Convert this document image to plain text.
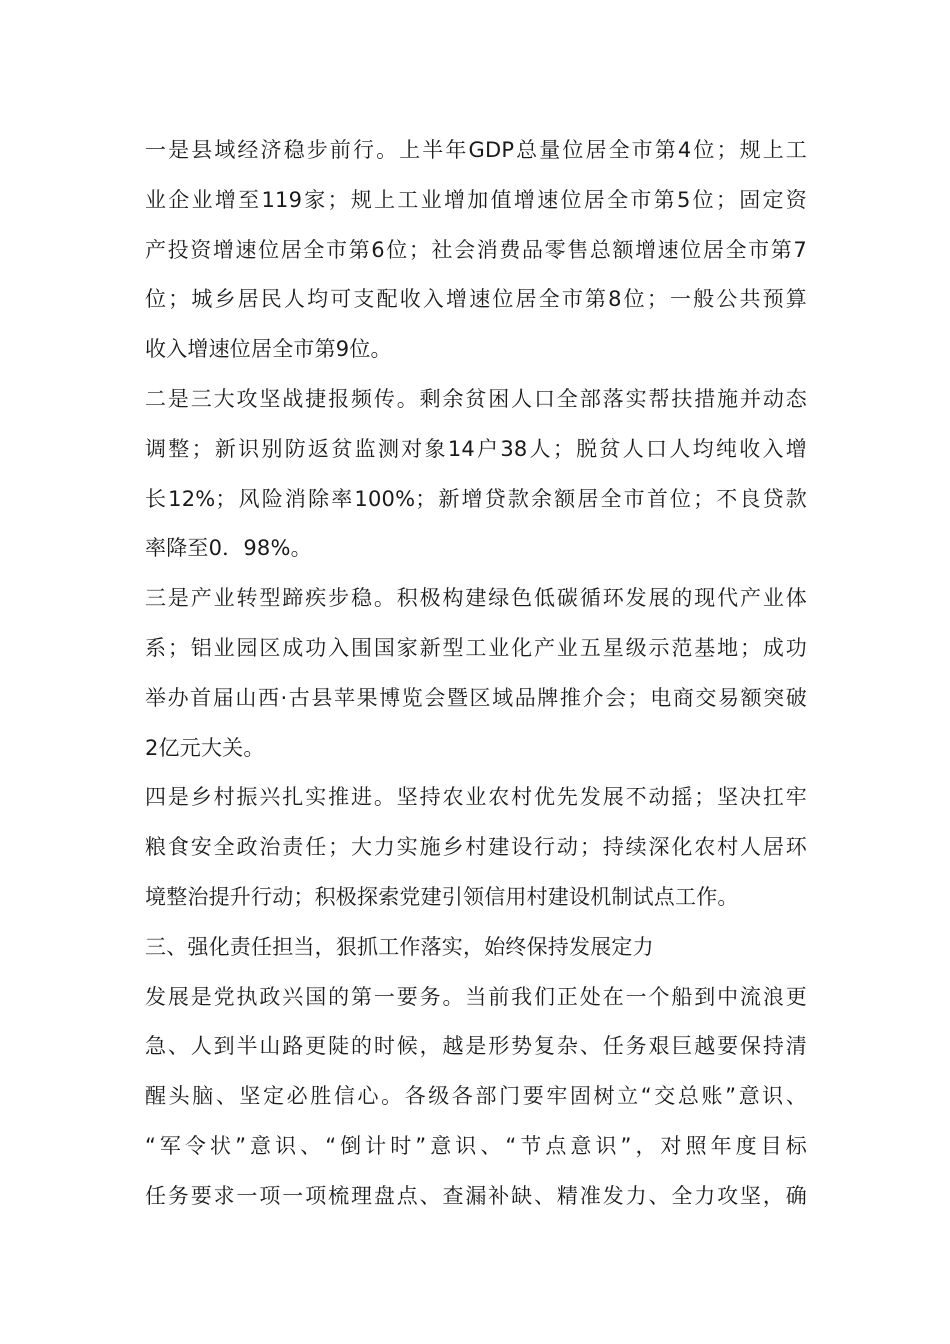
一是县域经济稳步前行。上半年GDP总量位居全市第4位；规上工
业企业增至119家；规上工业增加值增速位居全市第5位；固定资
产投资增速位居全市第6位；社会消费品零售总额增速位居全市第7
位；城乡居民人均可支配收入增速位居全市第8位；一般公共预算
收入增速位居全市第9位。
二是三大攻坚战捷报频传。剩余贫困人口全部落实帮扶措施并动态
调整；新识别防返贫监测对象14户38人；脱贫人口人均纯收入增
长12%；风险消除率100%；新增贷款余额居全市首位；不良贷款
率降至0．98%。
三是产业转型蹄疾步稳。积极构建绿色低碳循环发展的现代产业体
系；铝业园区成功入围国家新型工业化产业五星级示范基地；成功
举办首届山西·古县苹果博览会暨区域品牌推介会；电商交易额突破
2亿元大关。
四是乡村振兴扎实推进。坚持农业农村优先发展不动摇；坚决扛牢
粮食安全政治责任；大力实施乡村建设行动；持续深化农村人居环
境整治提升行动；积极探索党建引领信用村建设机制试点工作。
三、强化责任担当，狠抓工作落实，始终保持发展定力
发展是党执政兴国的第一要务。当前我们正处在一个船到中流浪更
急、人到半山路更陡的时候，越是形势复杂、任务艰巨越要保持清
醒头脑、坚定必胜信心。各级各部门要牢固树立“交总账”意识、
“军令状”意识、“倒计时”意识、“节点意识”，对照年度目标
任务要求一项一项梳理盘点、查漏补缺、精准发力、全力攻坚，确
